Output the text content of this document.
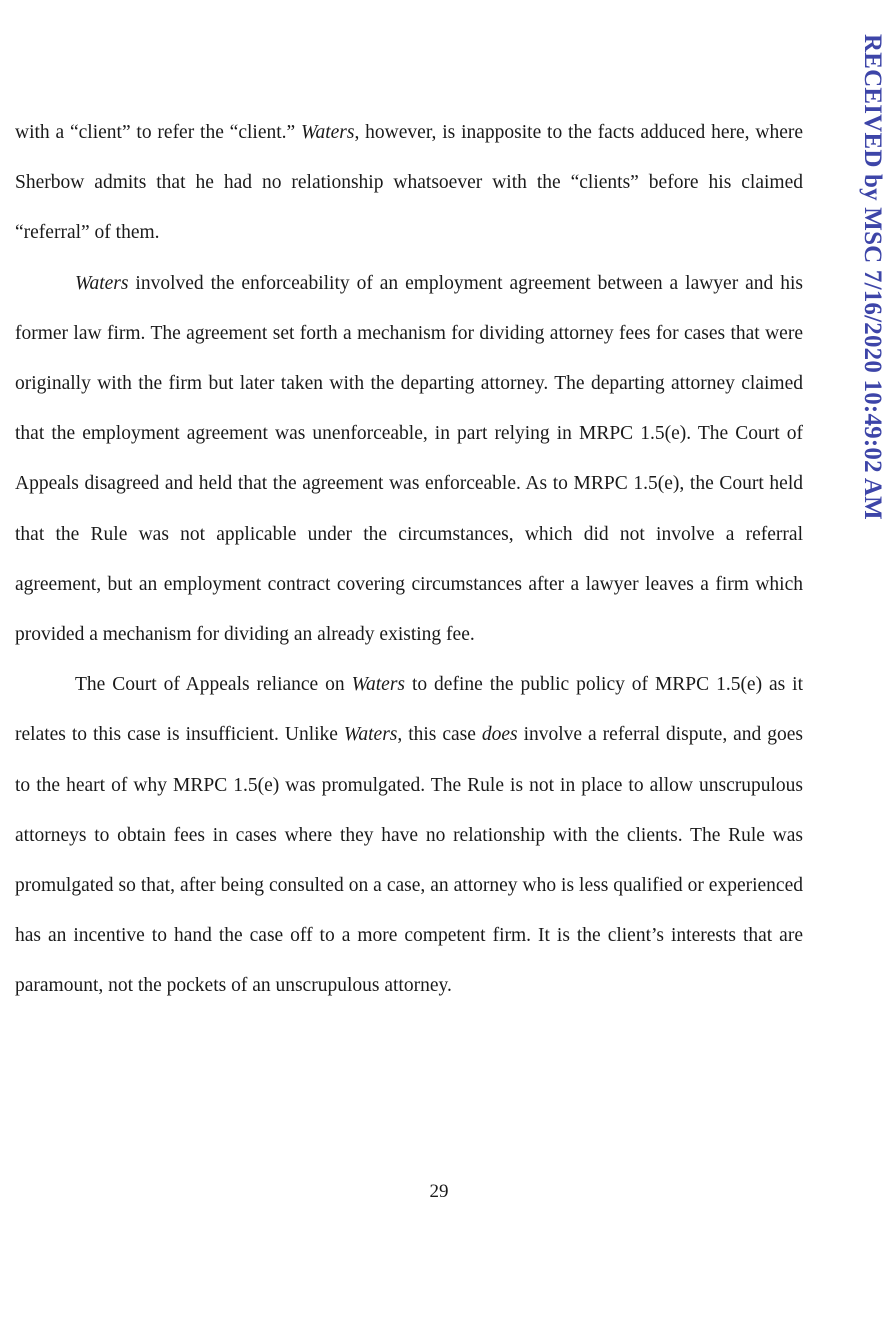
with a “client” to refer the “client.” Waters, however, is inapposite to the facts adduced here, where Sherbow admits that he had no relationship whatsoever with the “clients” before his claimed “referral” of them.

Waters involved the enforceability of an employment agreement between a lawyer and his former law firm. The agreement set forth a mechanism for dividing attorney fees for cases that were originally with the firm but later taken with the departing attorney. The departing attorney claimed that the employment agreement was unenforceable, in part relying in MRPC 1.5(e). The Court of Appeals disagreed and held that the agreement was enforceable. As to MRPC 1.5(e), the Court held that the Rule was not applicable under the circumstances, which did not involve a referral agreement, but an employment contract covering circumstances after a lawyer leaves a firm which provided a mechanism for dividing an already existing fee.

The Court of Appeals reliance on Waters to define the public policy of MRPC 1.5(e) as it relates to this case is insufficient. Unlike Waters, this case does involve a referral dispute, and goes to the heart of why MRPC 1.5(e) was promulgated. The Rule is not in place to allow unscrupulous attorneys to obtain fees in cases where they have no relationship with the clients. The Rule was promulgated so that, after being consulted on a case, an attorney who is less qualified or experienced has an incentive to hand the case off to a more competent firm. It is the client’s interests that are paramount, not the pockets of an unscrupulous attorney.

29
RECEIVED by MSC 7/16/2020 10:49:02 AM
